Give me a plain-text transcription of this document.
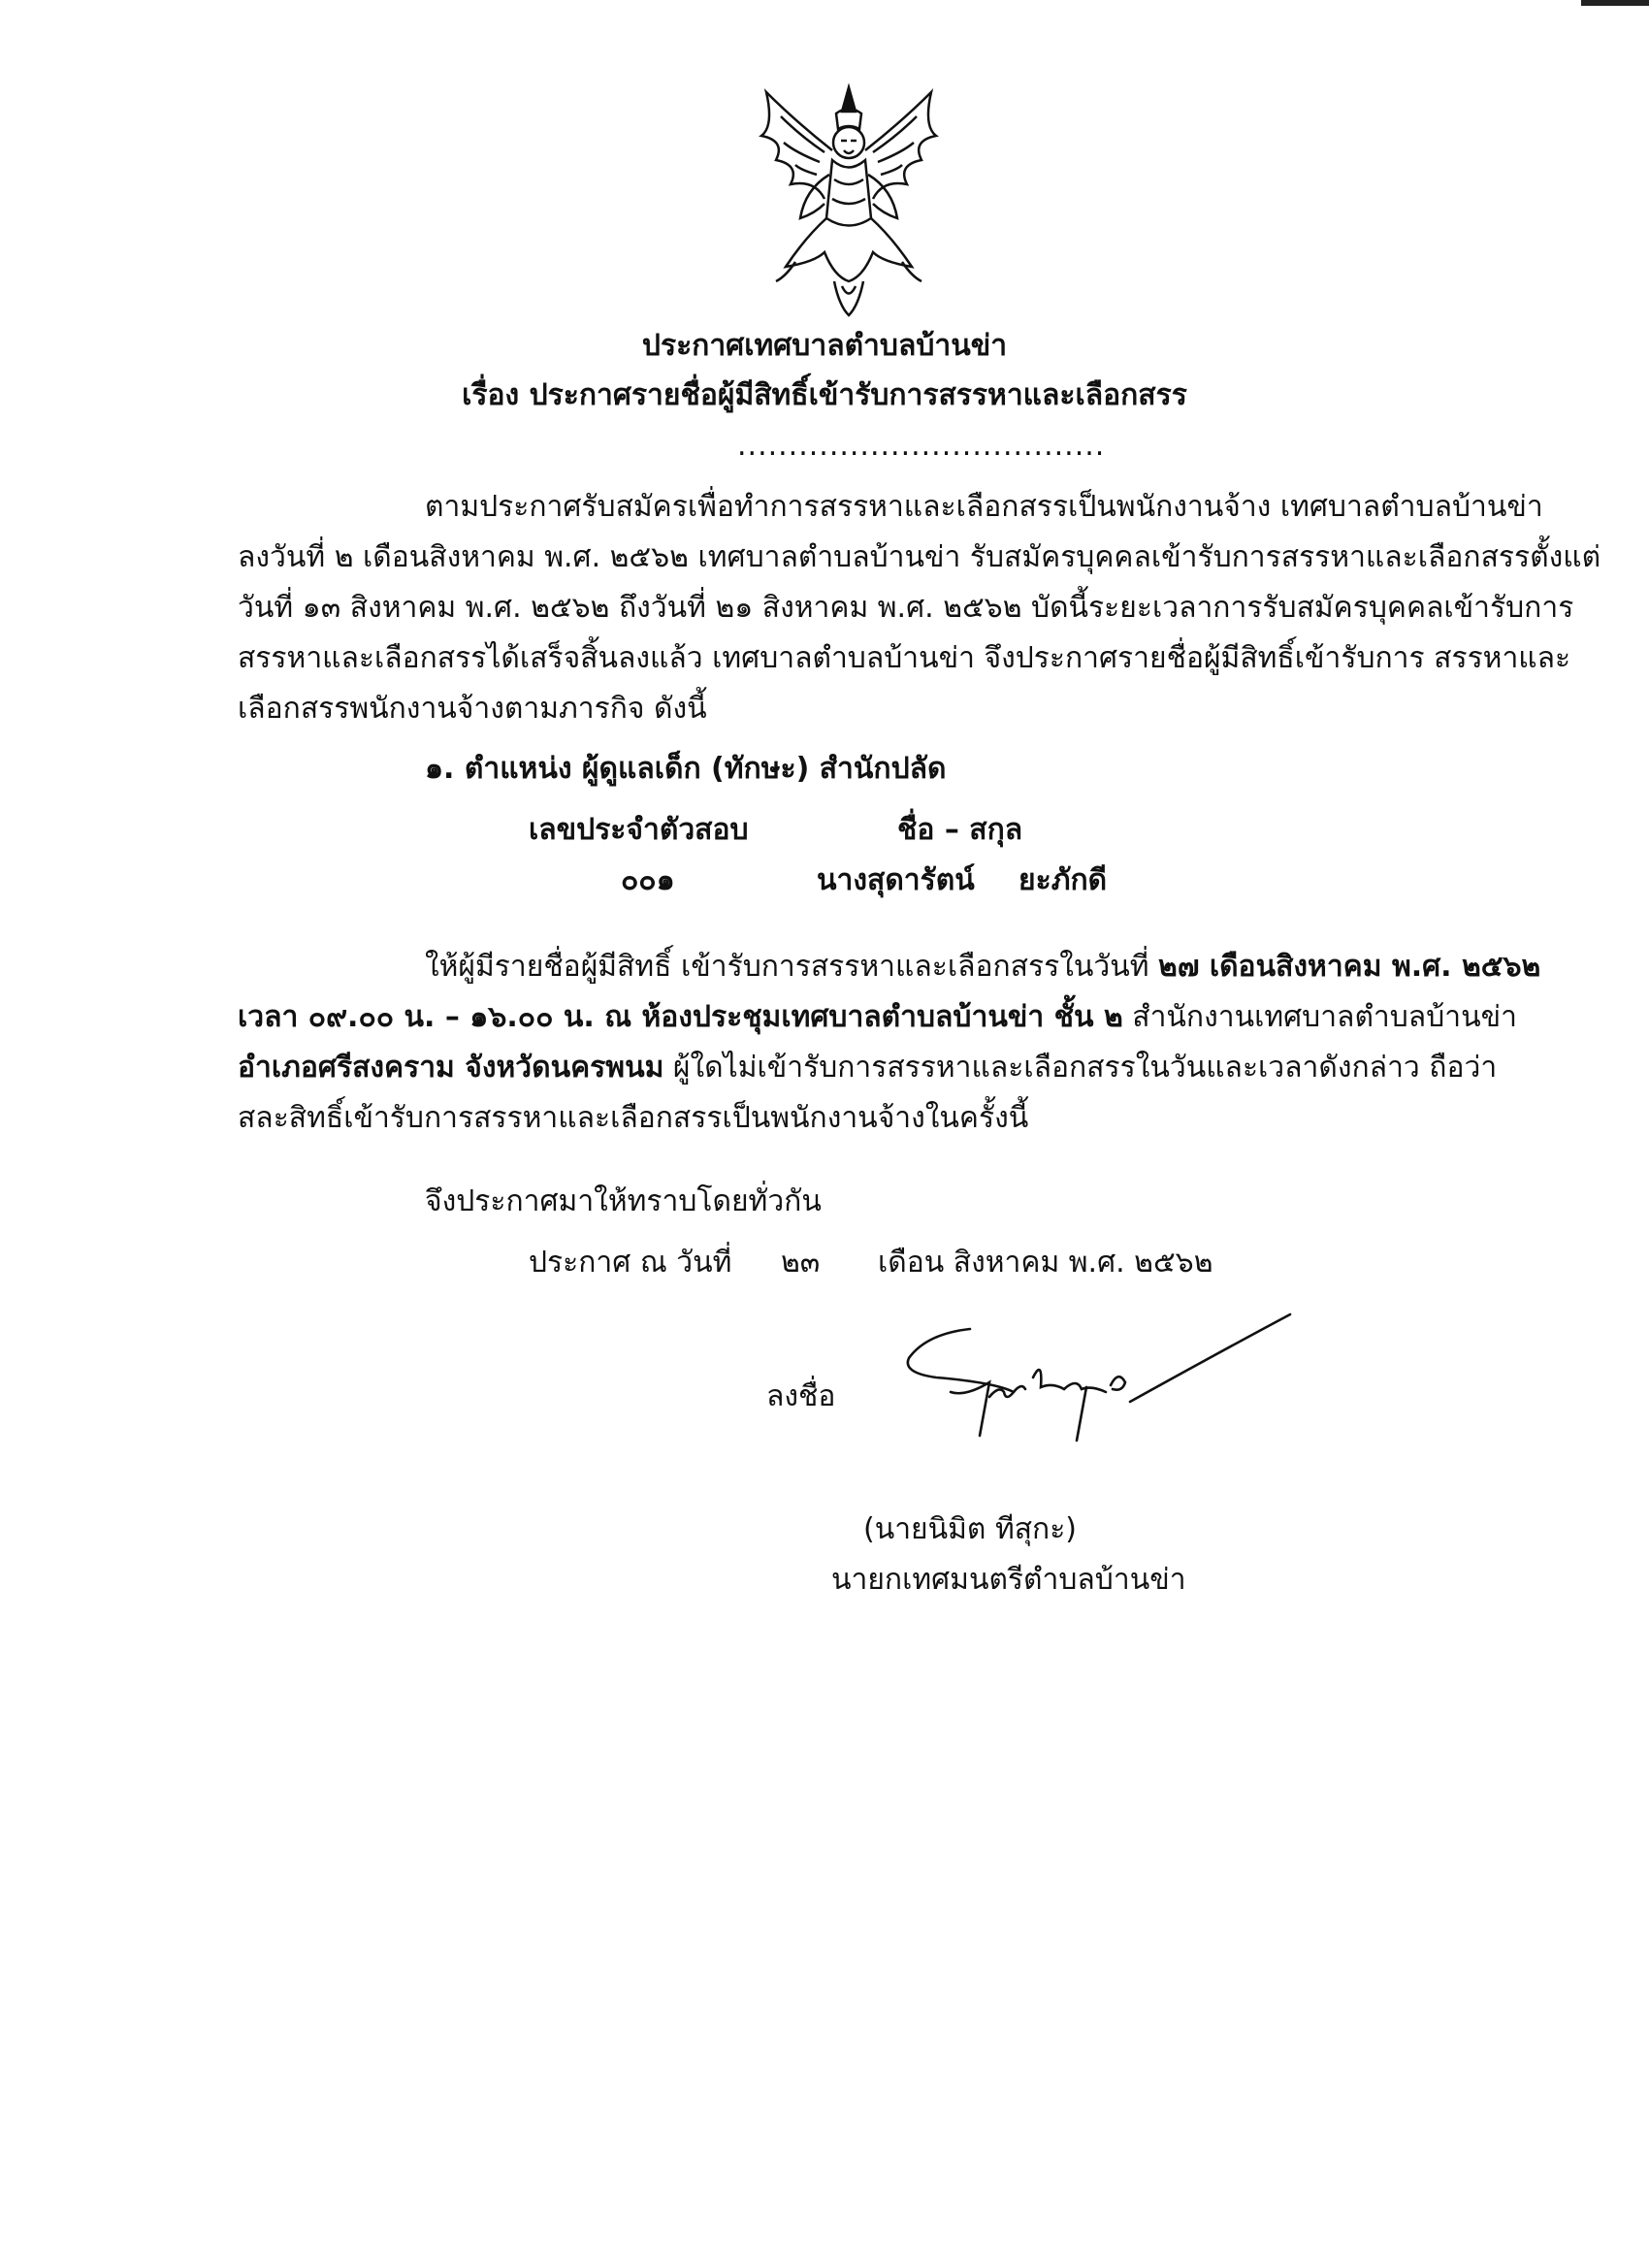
ประกาศเทศบาลตำบลบ้านข่า
เรื่อง ประกาศรายชื่อผู้มีสิทธิ์เข้ารับการสรรหาและเลือกสรร
....................................
ตามประกาศรับสมัครเพื่อทำการสรรหาและเลือกสรรเป็นพนักงานจ้าง เทศบาลตำบลบ้านข่า
ลงวันที่ ๒ เดือนสิงหาคม พ.ศ. ๒๕๖๒ เทศบาลตำบลบ้านข่า รับสมัครบุคคลเข้ารับการสรรหาและเลือกสรรตั้งแต่
วันที่ ๑๓ สิงหาคม พ.ศ. ๒๕๖๒ ถึงวันที่ ๒๑ สิงหาคม พ.ศ. ๒๕๖๒ บัดนี้ระยะเวลาการรับสมัครบุคคลเข้ารับการ
สรรหาและเลือกสรรได้เสร็จสิ้นลงแล้ว เทศบาลตำบลบ้านข่า จึงประกาศรายชื่อผู้มีสิทธิ์เข้ารับการ สรรหาและ
เลือกสรรพนักงานจ้างตามภารกิจ ดังนี้
๑. ตำแหน่ง ผู้ดูแลเด็ก (ทักษะ) สำนักปลัด
เลขประจำตัวสอบ	ชื่อ – สกุล
๐๐๑	นางสุดารัตน์ ยะภักดี
ให้ผู้มีรายชื่อผู้มีสิทธิ์ เข้ารับการสรรหาและเลือกสรรในวันที่ ๒๗ เดือนสิงหาคม พ.ศ. ๒๕๖๒
เวลา ๐๙.๐๐ น. – ๑๖.๐๐ น. ณ ห้องประชุมเทศบาลตำบลบ้านข่า ชั้น ๒ สำนักงานเทศบาลตำบลบ้านข่า
อำเภอศรีสงคราม จังหวัดนครพนม ผู้ใดไม่เข้ารับการสรรหาและเลือกสรรในวันและเวลาดังกล่าว ถือว่า
สละสิทธิ์เข้ารับการสรรหาและเลือกสรรเป็นพนักงานจ้างในครั้งนี้
จึงประกาศมาให้ทราบโดยทั่วกัน
ประกาศ ณ วันที่ ๒๓ เดือน สิงหาคม พ.ศ. ๒๕๖๒
ลงชื่อ
(นายนิมิต ทีสุกะ)
นายกเทศมนตรีตำบลบ้านข่า
